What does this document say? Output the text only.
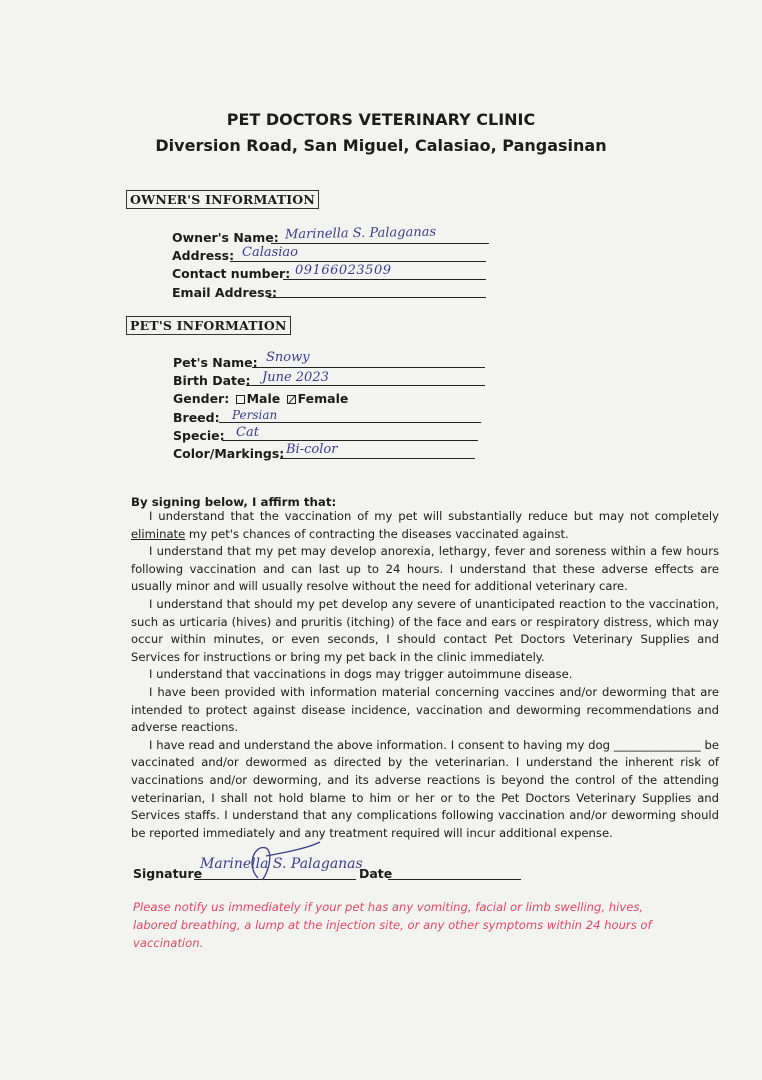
PET DOCTORS VETERINARY CLINIC
Diversion Road, San Miguel, Calasiao, Pangasinan
OWNER'S INFORMATION
Owner's Name: Marinella S. Palaganas
Address: Calasiao
Contact number: 09166023509
Email Address:
PET'S INFORMATION
Pet's Name: Snowy
Birth Date: June 2023
Gender: Male Female
Breed: Persian
Specie: Cat
Color/Markings: Bi-color
By signing below, I affirm that:

I understand that the vaccination of my pet will substantially reduce but may not completely eliminate my pet's chances of contracting the diseases vaccinated against.

I understand that my pet may develop anorexia, lethargy, fever and soreness within a few hours following vaccination and can last up to 24 hours. I understand that these adverse effects are usually minor and will usually resolve without the need for additional veterinary care.

I understand that should my pet develop any severe of unanticipated reaction to the vaccination, such as urticaria (hives) and pruritis (itching) of the face and ears or respiratory distress, which may occur within minutes, or even seconds, I should contact Pet Doctors Veterinary Supplies and Services for instructions or bring my pet back in the clinic immediately.

I understand that vaccinations in dogs may trigger autoimmune disease.

I have been provided with information material concerning vaccines and/or deworming that are intended to protect against disease incidence, vaccination and deworming recommendations and adverse reactions.

I have read and understand the above information. I consent to having my dog _______________ be vaccinated and/or dewormed as directed by the veterinarian. I understand the inherent risk of vaccinations and/or deworming, and its adverse reactions is beyond the control of the attending veterinarian, I shall not hold blame to him or her or to the Pet Doctors Veterinary Supplies and Services staffs. I understand that any complications following vaccination and/or deworming should be reported immediately and any treatment required will incur additional expense.

Signature
Marinella S. Palaganas
Date
Please notify us immediately if your pet has any vomiting, facial or limb swelling, hives, labored breathing, a lump at the injection site, or any other symptoms within 24 hours of vaccination.
